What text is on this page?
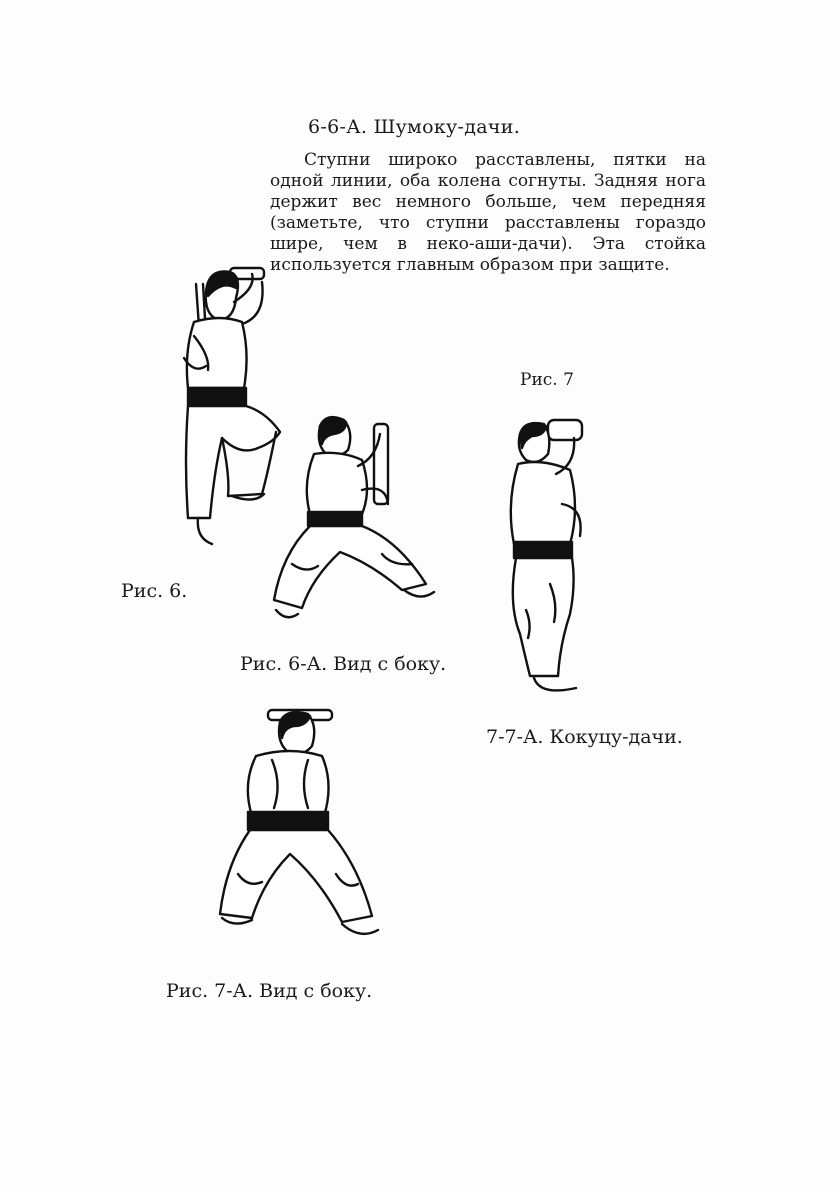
6-6-А. Шумоку-дачи.

Ступни широко расставлены, пятки на одной линии, оба колена согнуты. Задняя нога держит вес немного больше, чем передняя (заметьте, что ступни расставлены гораздо шире, чем в неко-аши-дачи). Эта стойка используется главным образом при защите.

Рис. 6.
Рис. 6-А. Вид с боку.
Рис. 7
7-7-А. Кокуцу-дачи.
Рис. 7-А. Вид с боку.
